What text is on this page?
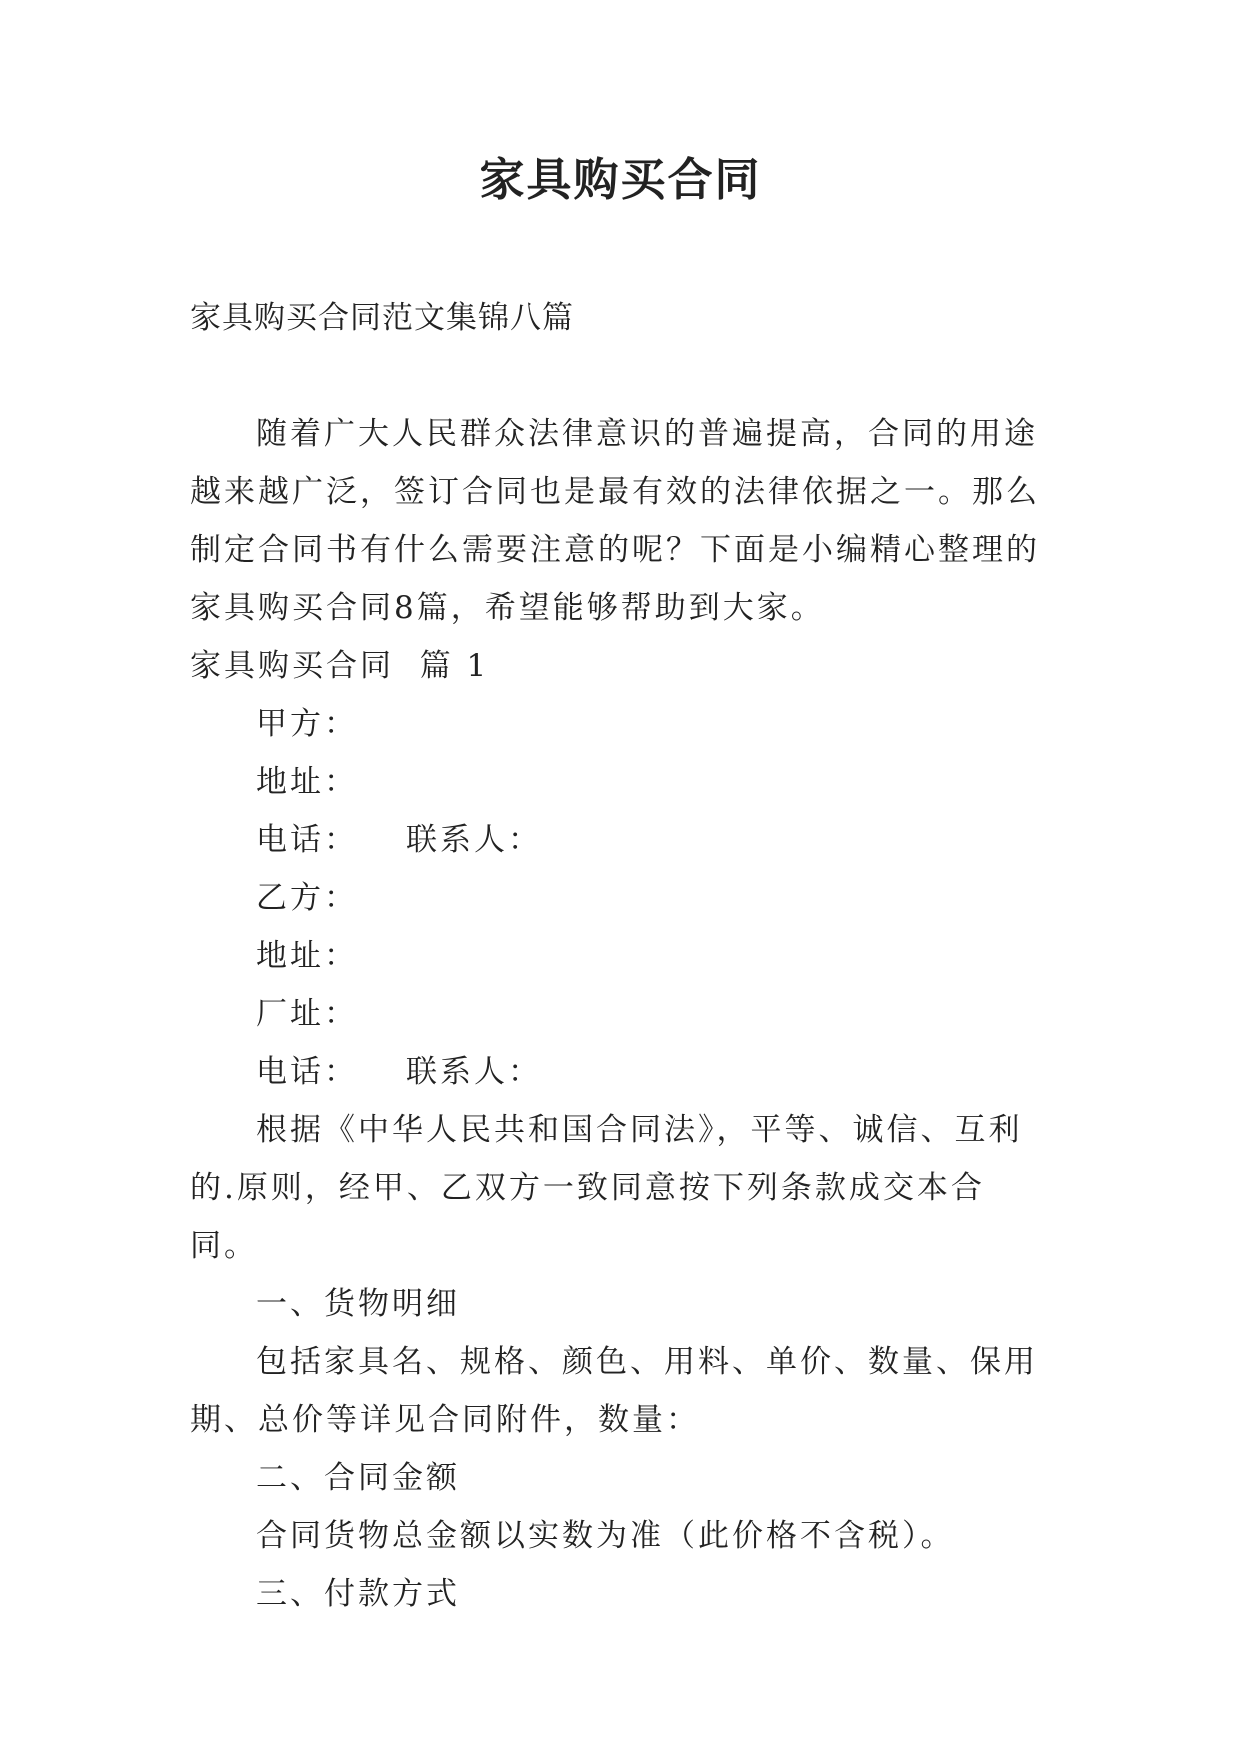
家具购买合同
家具购买合同范文集锦八篇

随着广大人民群众法律意识的普遍提高，合同的用途越来越广泛，签订合同也是最有效的法律依据之一。那么制定合同书有什么需要注意的呢？下面是小编精心整理的家具购买合同8篇，希望能够帮助到大家。

家具购买合同  篇 1

甲方：

地址：

电话： 联系人：

乙方：

地址：

厂址：

电话： 联系人：

根据《中华人民共和国合同法》，平等、诚信、互利的.原则，经甲、乙双方一致同意按下列条款成交本合同。

一、货物明细

包括家具名、规格、颜色、用料、单价、数量、保用期、总价等详见合同附件，数量：

二、合同金额

合同货物总金额以实数为准（此价格不含税）。

三、付款方式
